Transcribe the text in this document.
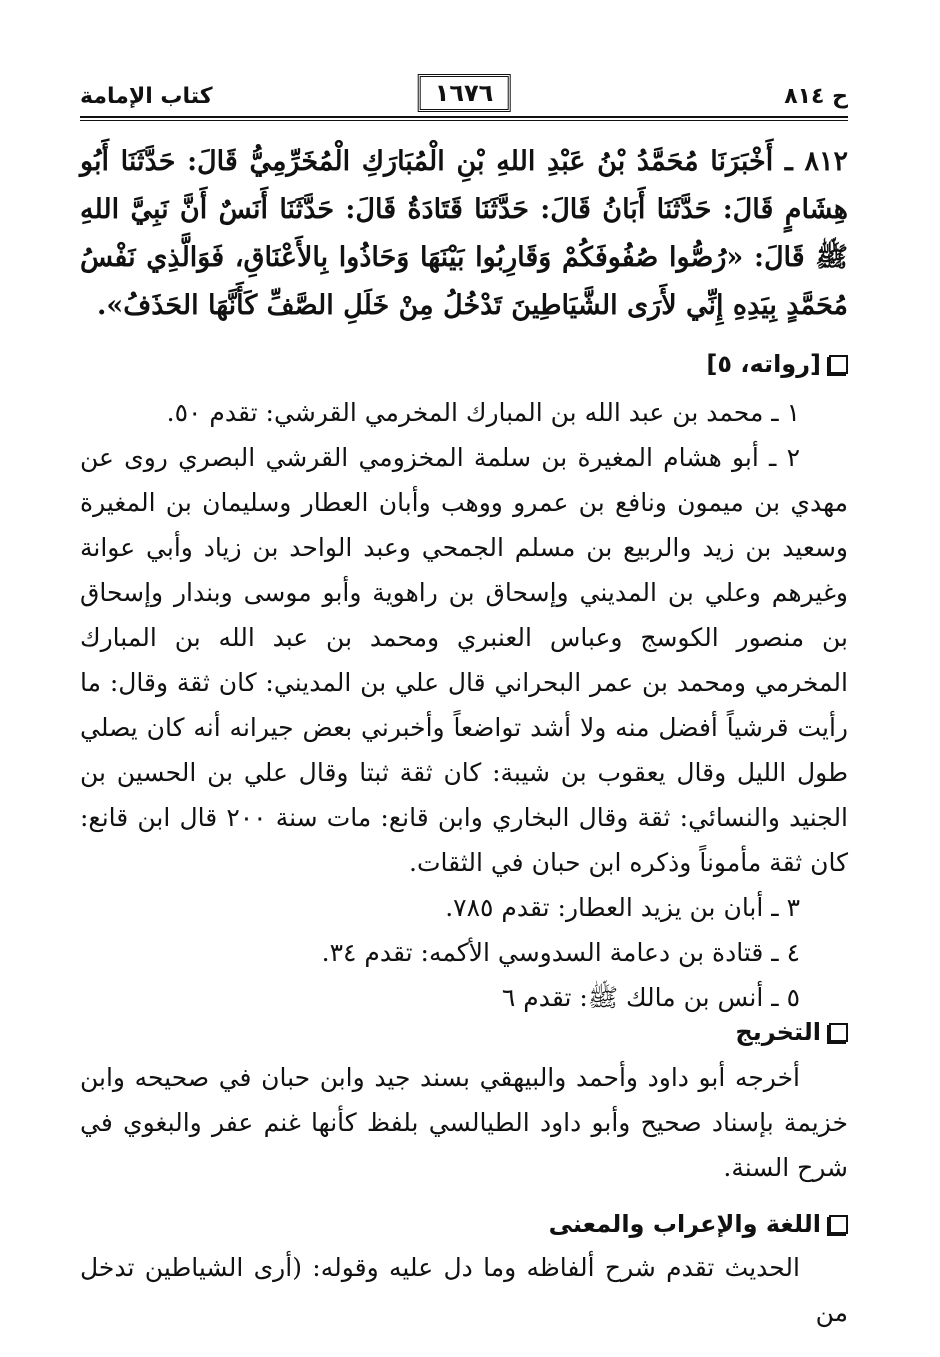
ح ٨١٤
١٦٧٦
كتاب الإمامة
٨١٢ ـ أَخْبَرَنَا مُحَمَّدُ بْنُ عَبْدِ اللهِ بْنِ الْمُبَارَكِ الْمُخَرِّمِيُّ قَالَ: حَدَّثَنَا أَبُو هِشَامٍ قَالَ: حَدَّثَنَا أَبَانُ قَالَ: حَدَّثَنَا قَتَادَةُ قَالَ: حَدَّثَنَا أَنَسٌ أَنَّ نَبِيَّ اللهِ ﷺ قَالَ: «رُصُّوا صُفُوفَكُمْ وَقَارِبُوا بَيْنَهَا وَحَاذُوا بِالأَعْنَاقِ، فَوَالَّذِي نَفْسُ مُحَمَّدٍ بِيَدِهِ إِنِّي لأَرَى الشَّيَاطِينَ تَدْخُلُ مِنْ خَلَلِ الصَّفِّ كَأَنَّهَا الحَذَفُ».
[رواته، ٥]

١ ـ محمد بن عبد الله بن المبارك المخرمي القرشي: تقدم ٥٠.

٢ ـ أبو هشام المغيرة بن سلمة المخزومي القرشي البصري روى عن مهدي بن ميمون ونافع بن عمرو ووهب وأبان العطار وسليمان بن المغيرة وسعيد بن زيد والربيع بن مسلم الجمحي وعبد الواحد بن زياد وأبي عوانة وغيرهم وعلي بن المديني وإسحاق بن راهوية وأبو موسى وبندار وإسحاق بن منصور الكوسج وعباس العنبري ومحمد بن عبد الله بن المبارك المخرمي ومحمد بن عمر البحراني قال علي بن المديني: كان ثقة وقال: ما رأيت قرشياً أفضل منه ولا أشد تواضعاً وأخبرني بعض جيرانه أنه كان يصلي طول الليل وقال يعقوب بن شيبة: كان ثقة ثبتا وقال علي بن الحسين بن الجنيد والنسائي: ثقة وقال البخاري وابن قانع: مات سنة ٢٠٠ قال ابن قانع: كان ثقة مأموناً وذكره ابن حبان في الثقات.

٣ ـ أبان بن يزيد العطار: تقدم ٧٨٥.

٤ ـ قتادة بن دعامة السدوسي الأكمه: تقدم ٣٤.

٥ ـ أنس بن مالك ﷺ: تقدم ٦

التخريج

أخرجه أبو داود وأحمد والبيهقي بسند جيد وابن حبان في صحيحه وابن خزيمة بإسناد صحيح وأبو داود الطيالسي بلفظ كأنها غنم عفر والبغوي في شرح السنة.

اللغة والإعراب والمعنى

الحديث تقدم شرح ألفاظه وما دل عليه وقوله: (أرى الشياطين تدخل من
